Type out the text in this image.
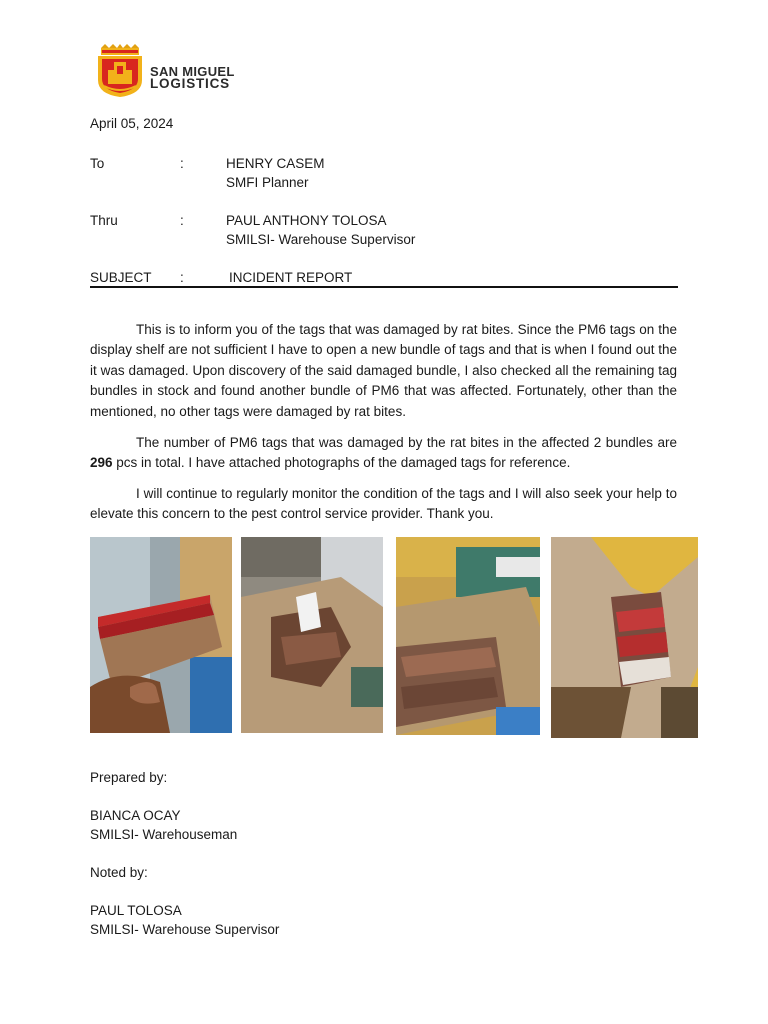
SAN MIGUEL
LOGISTICS
April 05, 2024
To	:	HENRY CASEM
SMFI Planner
Thru	:	PAUL ANTHONY TOLOSA
SMILSI- Warehouse Supervisor
SUBJECT	:	INCIDENT REPORT

This is to inform you of the tags that was damaged by rat bites. Since the PM6 tags on the display shelf are not sufficient I have to open a new bundle of tags and that is when I found out the it was damaged. Upon discovery of the said damaged bundle, I also checked all the remaining tag bundles in stock and found another bundle of PM6 that was affected. Fortunately, other than the mentioned, no other tags were damaged by rat bites.

The number of PM6 tags that was damaged by the rat bites in the affected 2 bundles are 296 pcs in total. I have attached photographs of the damaged tags for reference.

I will continue to regularly monitor the condition of the tags and I will also seek your help to elevate this concern to the pest control service provider. Thank you.

Prepared by:
BIANCA OCAY
SMILSI- Warehouseman
Noted by:
PAUL TOLOSA
SMILSI- Warehouse Supervisor
